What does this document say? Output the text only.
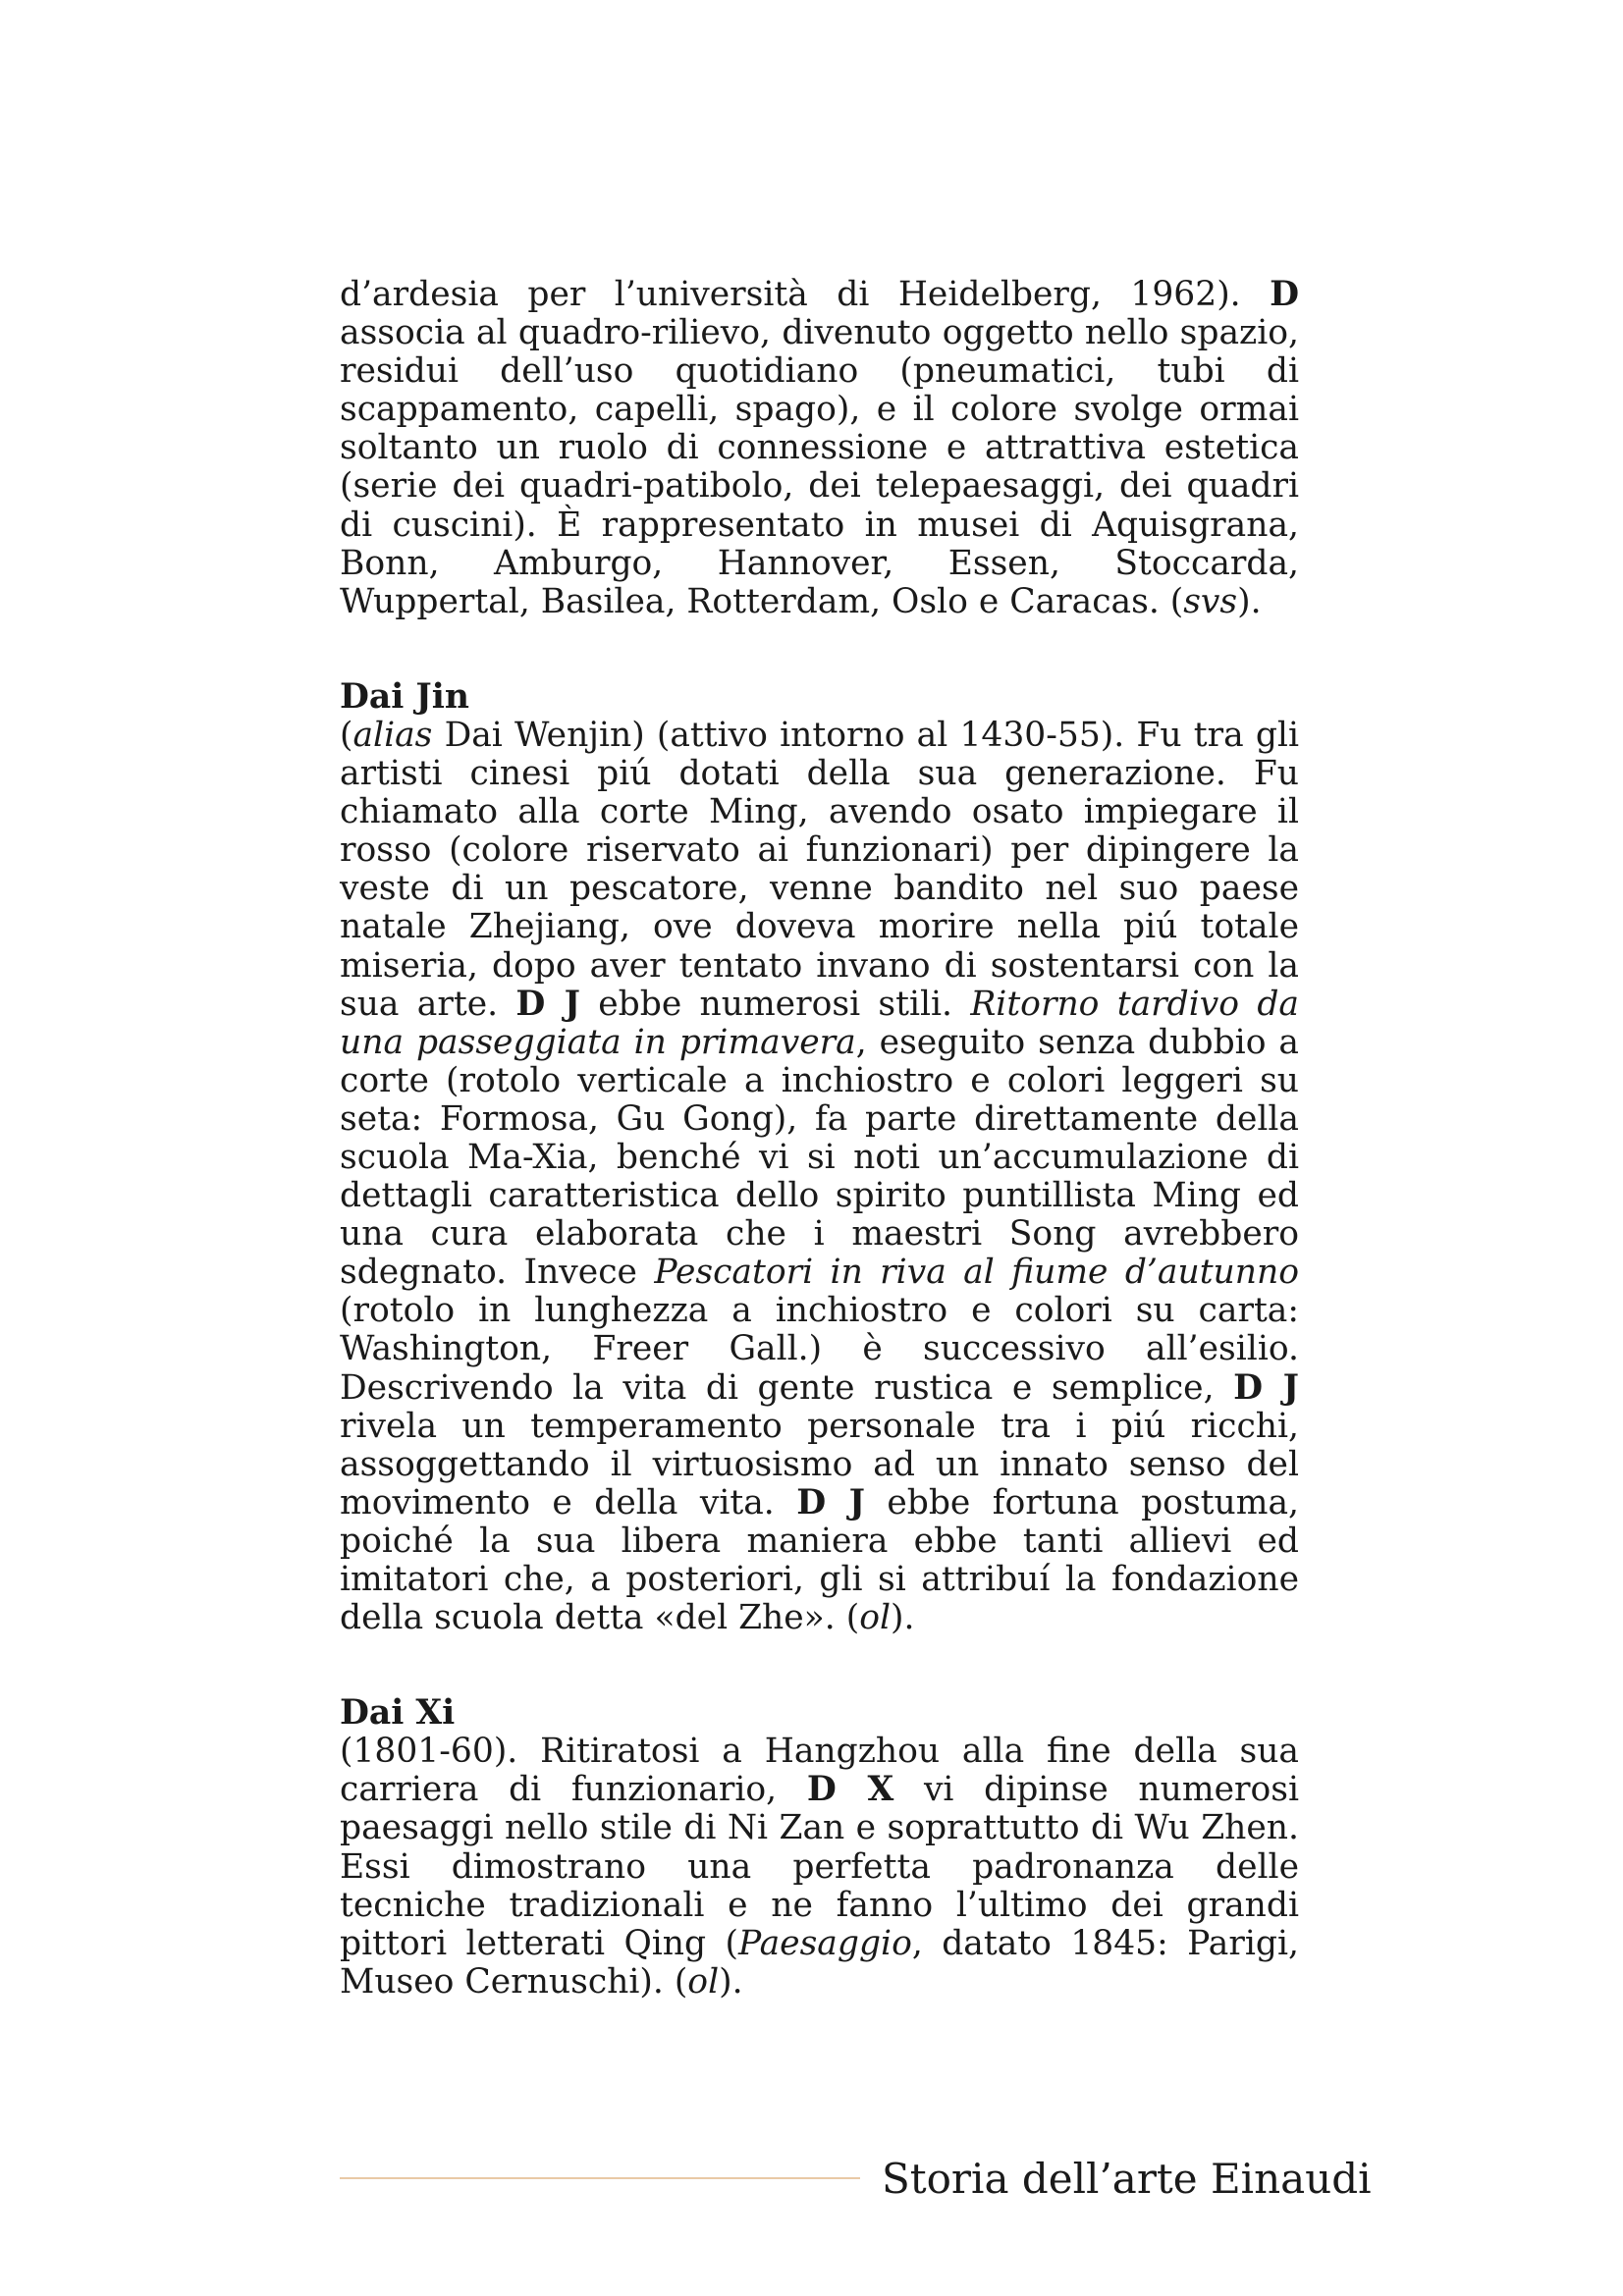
d’ardesia per l’università di Heidelberg, 1962). D associa al quadro-rilievo, divenuto oggetto nello spazio, residui dell’uso quotidiano (pneumatici, tubi di scappamento, capelli, spago), e il colore svolge ormai soltanto un ruolo di connessione e attrattiva estetica (serie dei quadri-patibolo, dei telepaesaggi, dei quadri di cuscini). È rappresentato in musei di Aquisgrana, Bonn, Amburgo, Hannover, Essen, Stoccarda, Wuppertal, Basilea, Rotterdam, Oslo e Caracas. (svs).

Dai Jin

(alias Dai Wenjin) (attivo intorno al 1430-55). Fu tra gli artisti cinesi piú dotati della sua generazione. Fu chiamato alla corte Ming, avendo osato impiegare il rosso (colore riservato ai funzionari) per dipingere la veste di un pescatore, venne bandito nel suo paese natale Zhejiang, ove doveva morire nella piú totale miseria, dopo aver tentato invano di sostentarsi con la sua arte. D J ebbe numerosi stili. Ritorno tardivo da una passeggiata in primavera, eseguito senza dubbio a corte (rotolo verticale a inchiostro e colori leggeri su seta: Formosa, Gu Gong), fa parte direttamente della scuola Ma-Xia, benché vi si noti un’accumulazione di dettagli caratteristica dello spirito puntillista Ming ed una cura elaborata che i maestri Song avrebbero sdegnato. Invece Pescatori in riva al fiume d’autunno (rotolo in lunghezza a inchiostro e colori su carta: Washington, Freer Gall.) è successivo all’esilio. Descrivendo la vita di gente rustica e semplice, D J rivela un temperamento personale tra i piú ricchi, assoggettando il virtuosismo ad un innato senso del movimento e della vita. D J ebbe fortuna postuma, poiché la sua libera maniera ebbe tanti allievi ed imitatori che, a posteriori, gli si attribuí la fondazione della scuola detta «del Zhe». (ol).

Dai Xi

(1801-60). Ritiratosi a Hangzhou alla fine della sua carriera di funzionario, D X vi dipinse numerosi paesaggi nello stile di Ni Zan e soprattutto di Wu Zhen. Essi dimostrano una perfetta padronanza delle tecniche tradizionali e ne fanno l’ultimo dei grandi pittori letterati Qing (Paesaggio, datato 1845: Parigi, Museo Cernuschi). (ol).

Storia dell’arte Einaudi
